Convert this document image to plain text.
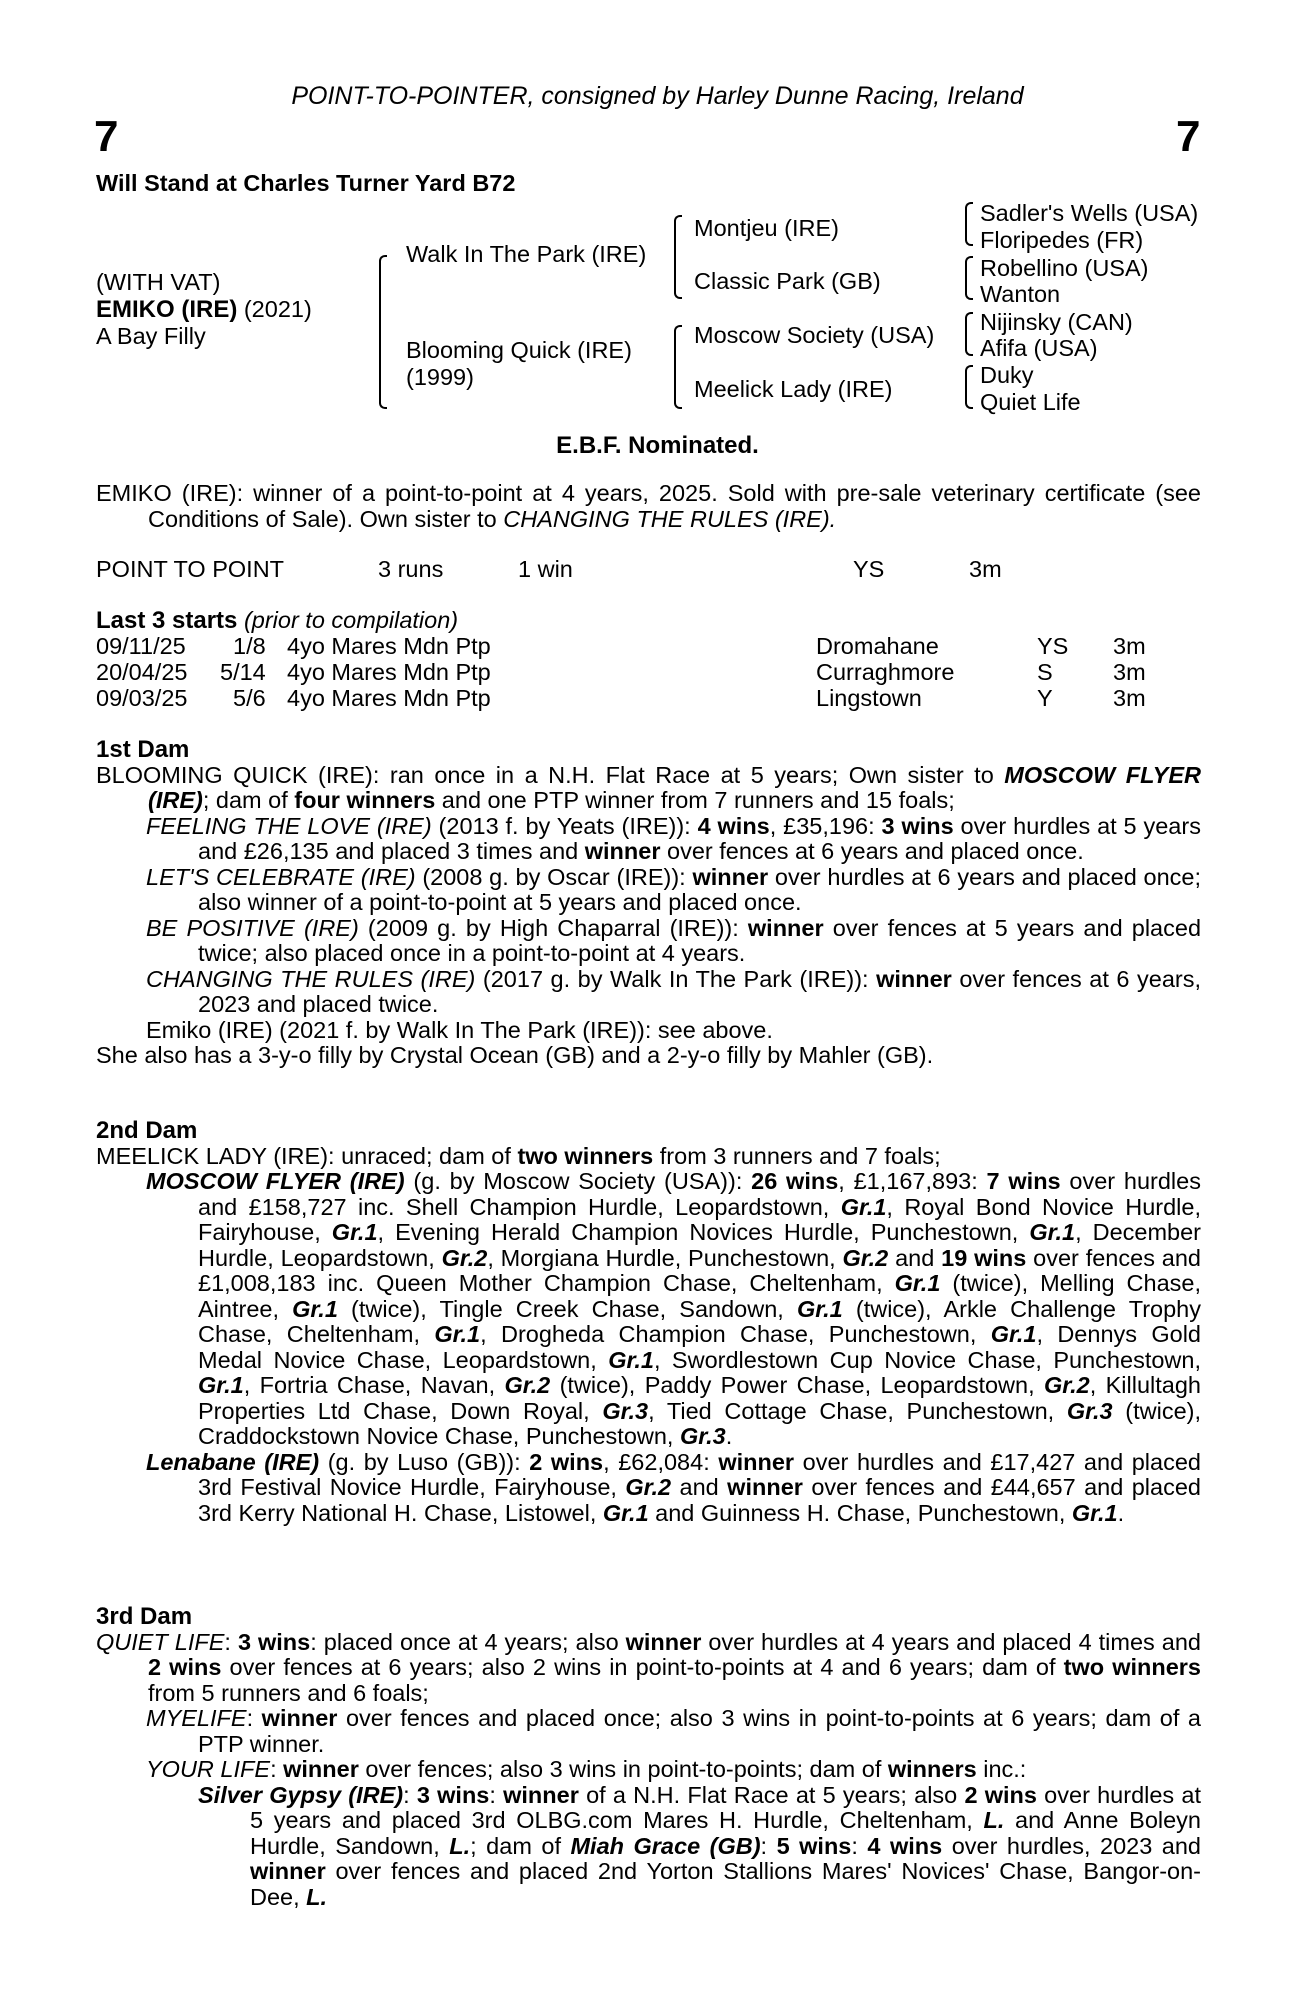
POINT-TO-POINTER, consigned by Harley Dunne Racing, Ireland
7	7
Will Stand at Charles Turner Yard B72
(WITH VAT)
EMIKO (IRE) (2021)
A Bay Filly
Walk In The Park (IRE)
Blooming Quick (IRE)
(1999)
Montjeu (IRE)
Classic Park (GB)
Moscow Society (USA)
Meelick Lady (IRE)
Sadler's Wells (USA)
Floripedes (FR)
Robellino (USA)
Wanton
Nijinsky (CAN)
Afifa (USA)
Duky
Quiet Life
E.B.F. Nominated.

EMIKO (IRE): winner of a point-to-point at 4 years, 2025. Sold with pre-sale veterinary certificate (see Conditions of Sale). Own sister to CHANGING THE RULES (IRE).

POINT TO POINT	3 runs	1 win	YS	3m
Last 3 starts (prior to compilation)
09/11/25 1/8 4yo Mares Mdn Ptp	Dromahane	YS 3m
20/04/25 5/14 4yo Mares Mdn Ptp	Curraghmore	S	3m
09/03/25 5/6 4yo Mares Mdn Ptp	Lingstown	Y	3m

1st Dam

BLOOMING QUICK (IRE): ran once in a N.H. Flat Race at 5 years; Own sister to MOSCOW FLYER (IRE); dam of four winners and one PTP winner from 7 runners and 15 foals;

FEELING THE LOVE (IRE) (2013 f. by Yeats (IRE)): 4 wins, £35,196: 3 wins over hurdles at 5 years and £26,135 and placed 3 times and winner over fences at 6 years and placed once.

LET'S CELEBRATE (IRE) (2008 g. by Oscar (IRE)): winner over hurdles at 6 years and placed once; also winner of a point-to-point at 5 years and placed once.

BE POSITIVE (IRE) (2009 g. by High Chaparral (IRE)): winner over fences at 5 years and placed twice; also placed once in a point-to-point at 4 years.

CHANGING THE RULES (IRE) (2017 g. by Walk In The Park (IRE)): winner over fences at 6 years, 2023 and placed twice.

Emiko (IRE) (2021 f. by Walk In The Park (IRE)): see above.

She also has a 3-y-o filly by Crystal Ocean (GB) and a 2-y-o filly by Mahler (GB).

2nd Dam

MEELICK LADY (IRE): unraced; dam of two winners from 3 runners and 7 foals;

MOSCOW FLYER (IRE) (g. by Moscow Society (USA)): 26 wins, £1,167,893: 7 wins over hurdles and £158,727 inc. Shell Champion Hurdle, Leopardstown, Gr.1, Royal Bond Novice Hurdle, Fairyhouse, Gr.1, Evening Herald Champion Novices Hurdle, Punchestown, Gr.1, December Hurdle, Leopardstown, Gr.2, Morgiana Hurdle, Punchestown, Gr.2 and 19 wins over fences and £1,008,183 inc. Queen Mother Champion Chase, Cheltenham, Gr.1 (twice), Melling Chase, Aintree, Gr.1 (twice), Tingle Creek Chase, Sandown, Gr.1 (twice), Arkle Challenge Trophy Chase, Cheltenham, Gr.1, Drogheda Champion Chase, Punchestown, Gr.1, Dennys Gold Medal Novice Chase, Leopardstown, Gr.1, Swordlestown Cup Novice Chase, Punchestown, Gr.1, Fortria Chase, Navan, Gr.2 (twice), Paddy Power Chase, Leopardstown, Gr.2, Killultagh Properties Ltd Chase, Down Royal, Gr.3, Tied Cottage Chase, Punchestown, Gr.3 (twice), Craddockstown Novice Chase, Punchestown, Gr.3.

Lenabane (IRE) (g. by Luso (GB)): 2 wins, £62,084: winner over hurdles and £17,427 and placed 3rd Festival Novice Hurdle, Fairyhouse, Gr.2 and winner over fences and £44,657 and placed 3rd Kerry National H. Chase, Listowel, Gr.1 and Guinness H. Chase, Punchestown, Gr.1.

3rd Dam

QUIET LIFE: 3 wins: placed once at 4 years; also winner over hurdles at 4 years and placed 4 times and 2 wins over fences at 6 years; also 2 wins in point-to-points at 4 and 6 years; dam of two winners from 5 runners and 6 foals;

MYELIFE: winner over fences and placed once; also 3 wins in point-to-points at 6 years; dam of a PTP winner.

YOUR LIFE: winner over fences; also 3 wins in point-to-points; dam of winners inc.:

Silver Gypsy (IRE): 3 wins: winner of a N.H. Flat Race at 5 years; also 2 wins over hurdles at 5 years and placed 3rd OLBG.com Mares H. Hurdle, Cheltenham, L. and Anne Boleyn Hurdle, Sandown, L.; dam of Miah Grace (GB): 5 wins: 4 wins over hurdles, 2023 and winner over fences and placed 2nd Yorton Stallions Mares' Novices' Chase, Bangor-on-Dee, L.
